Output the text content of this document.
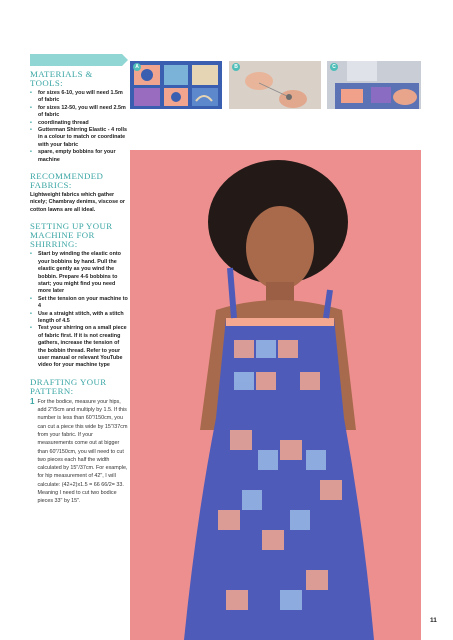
MATERIALS & TOOLS:
• for sizes 6-10, you will need 1.5m of fabric
• for sizes 12-50, you will need 2.5m of fabric
• coordinating thread
• Gutterman Shirring Elastic - 4 rolls in a colour to match or coordinate with your fabric
• spare, empty bobbins for your machine
RECOMMENDED FABRICS:

Lightweight fabrics which gather nicely; Chambray denims, viscose or cotton lawns are all ideal.

SETTING UP YOUR MACHINE FOR SHIRRING:
• Start by winding the elastic onto your bobbins by hand. Pull the elastic gently as you wind the bobbin. Prepare 4-6 bobbins to start; you might find you need more later
• Set the tension on your machine to 4
• Use a straight stitch, with a stitch length of 4.5
• Test your shirring on a small piece of fabric first. If it is not creating gathers, increase the tension of the bobbin thread. Refer to your user manual or relevant YouTube video for your machine type
DRAFTING YOUR PATTERN:
1 For the bodice, measure your hips, add 2"/5cm and multiply by 1.5. If this number is less than 60"/150cm, you can cut a piece this wide by 15"/37cm from your fabric. If your measurements come out at bigger than 60"/150cm, you will need to cut two pieces each half the width calculated by 15"/37cm. For example, for hip measurement of 42", I will calculate: (42+2)x1.5 = 66 66/2= 33. Meaning I need to cut two bodice pieces 33" by 15".

A	B	C
11
